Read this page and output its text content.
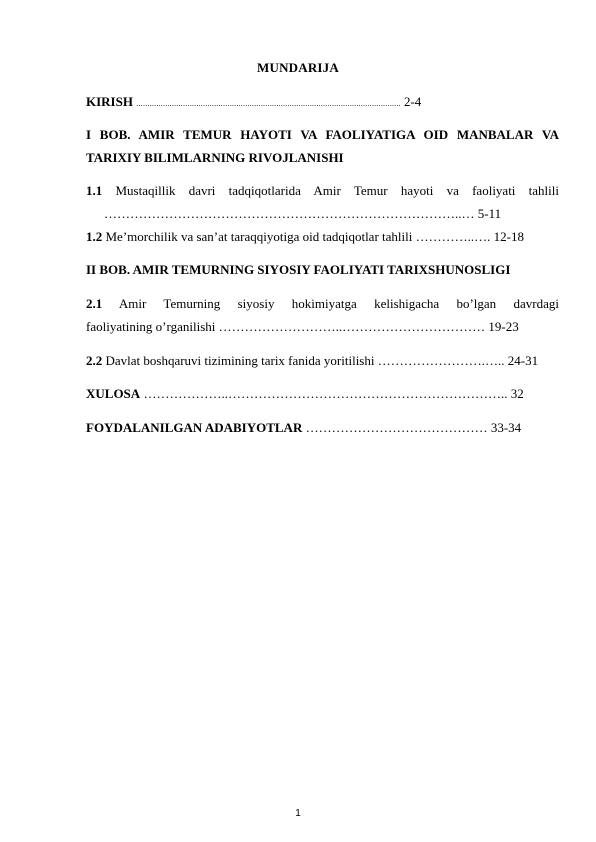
MUNDARIJA
KIRISH ....................................................................................................................... 2-4
I BOB. AMIR TEMUR HAYOTI VA FAOLIYATIGA OID MANBALAR VA
TARIXIY BILIMLARNING RIVOJLANISHI
1.1 Mustaqillik davri tadqiqotlarida Amir Temur hayoti va faoliyati tahlili
………………………………………………………………………..… 5-11
1.2 Me’morchilik va san’at taraqqiyotiga oid tadqiqotlar tahlili …………..…. 12-18
II BOB. AMIR TEMURNING SIYOSIY FAOLIYATI TARIXSHUNOSLIGI
2.1 Amir Temurning siyosiy hokimiyatga kelishigacha bo’lgan davrdagi
faoliyatining o’rganilishi ………………………..…………………………… 19-23
2.2 Davlat boshqaruvi tizimining tarix fanida yoritilishi …………………….….. 24-31
XULOSA ………………..……………………………………………………….. 32
FOYDALANILGAN ADABIYOTLAR …………………………………… 33-34
1
